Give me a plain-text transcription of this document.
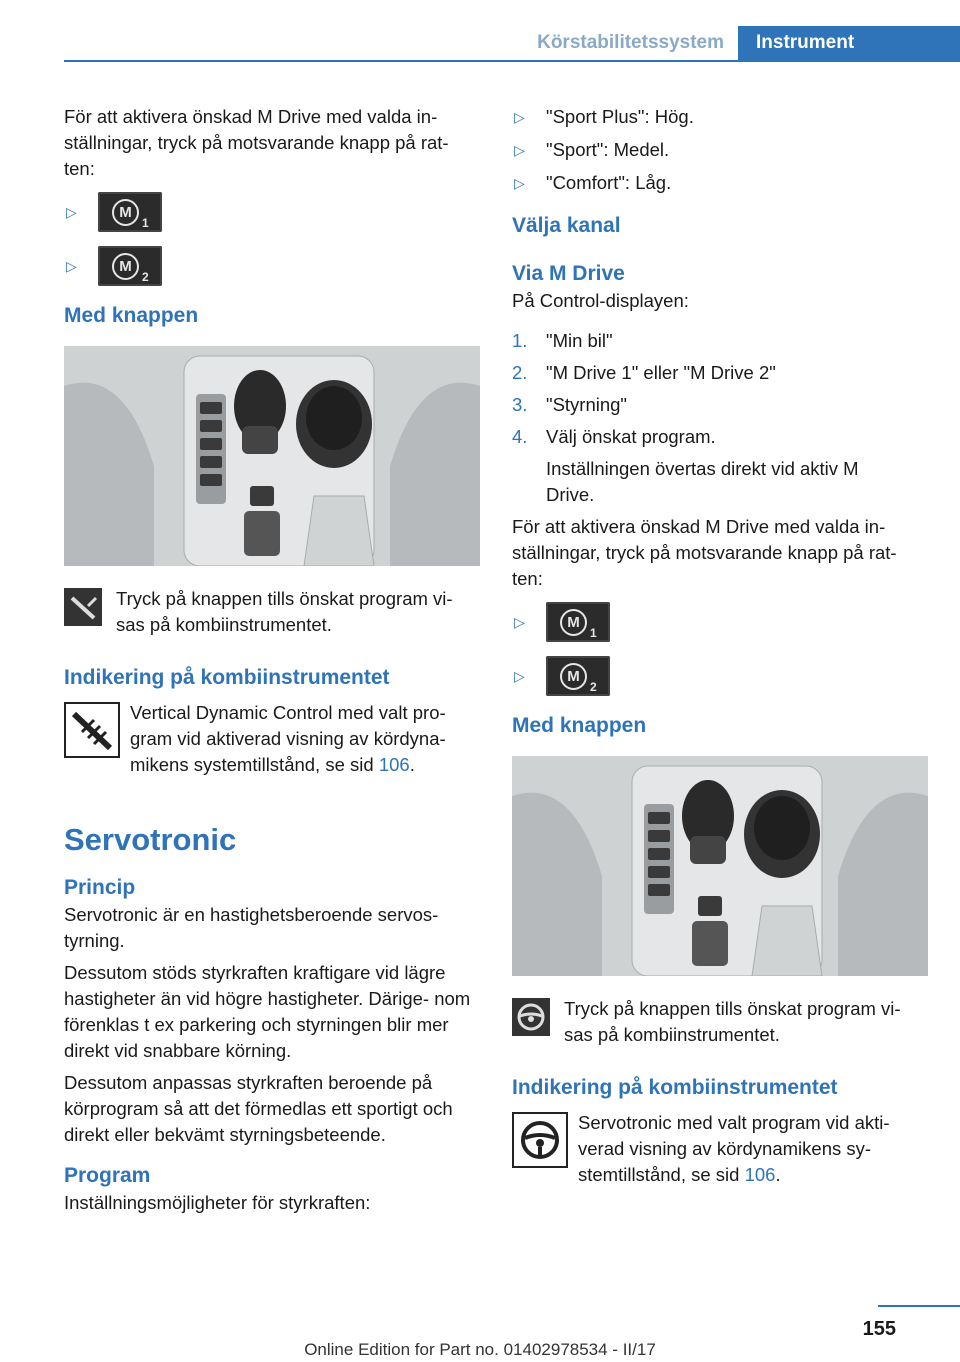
Körstabilitetssystem	Instrument

För att aktivera önskad M Drive med valda in- ställningar, tryck på motsvarande knapp på rat- ten:

▷	M
1
▷	M
2
Med knappen
Tryck på knappen tills önskat program vi- sas på kombiinstrumentet.
Indikering på kombiinstrumentet
Vertical Dynamic Control med valt pro- gram vid aktiverad visning av kördyna- mikens systemtillstånd, se sid 106.
Servotronic
Princip

Servotronic är en hastighetsberoende servos- tyrning.

Dessutom stöds styrkraften kraftigare vid lägre hastigheter än vid högre hastigheter. Därige- nom förenklas t ex parkering och styrningen blir mer direkt vid snabbare körning.

Dessutom anpassas styrkraften beroende på körprogram så att det förmedlas ett sportigt och direkt eller bekvämt styrningsbeteende.

Program

Inställningsmöjligheter för styrkraften:

▷	"Sport Plus": Hög.
▷	"Sport": Medel.
▷	"Comfort": Låg.
Välja kanal
Via M Drive

På Control-displayen:

1.	"Min bil"
2.	"M Drive 1" eller "M Drive 2"
3.	"Styrning"
4.	Välj önskat program.
Inställningen övertas direkt vid aktiv M Drive.

För att aktivera önskad M Drive med valda in- ställningar, tryck på motsvarande knapp på rat- ten:

▷	M
1
▷	M
2
Med knappen
Tryck på knappen tills önskat program vi- sas på kombiinstrumentet.
Indikering på kombiinstrumentet
Servotronic med valt program vid akti- verad visning av kördynamikens sy- stemtillstånd, se sid 106.
155
Online Edition for Part no. 01402978534 - II/17
